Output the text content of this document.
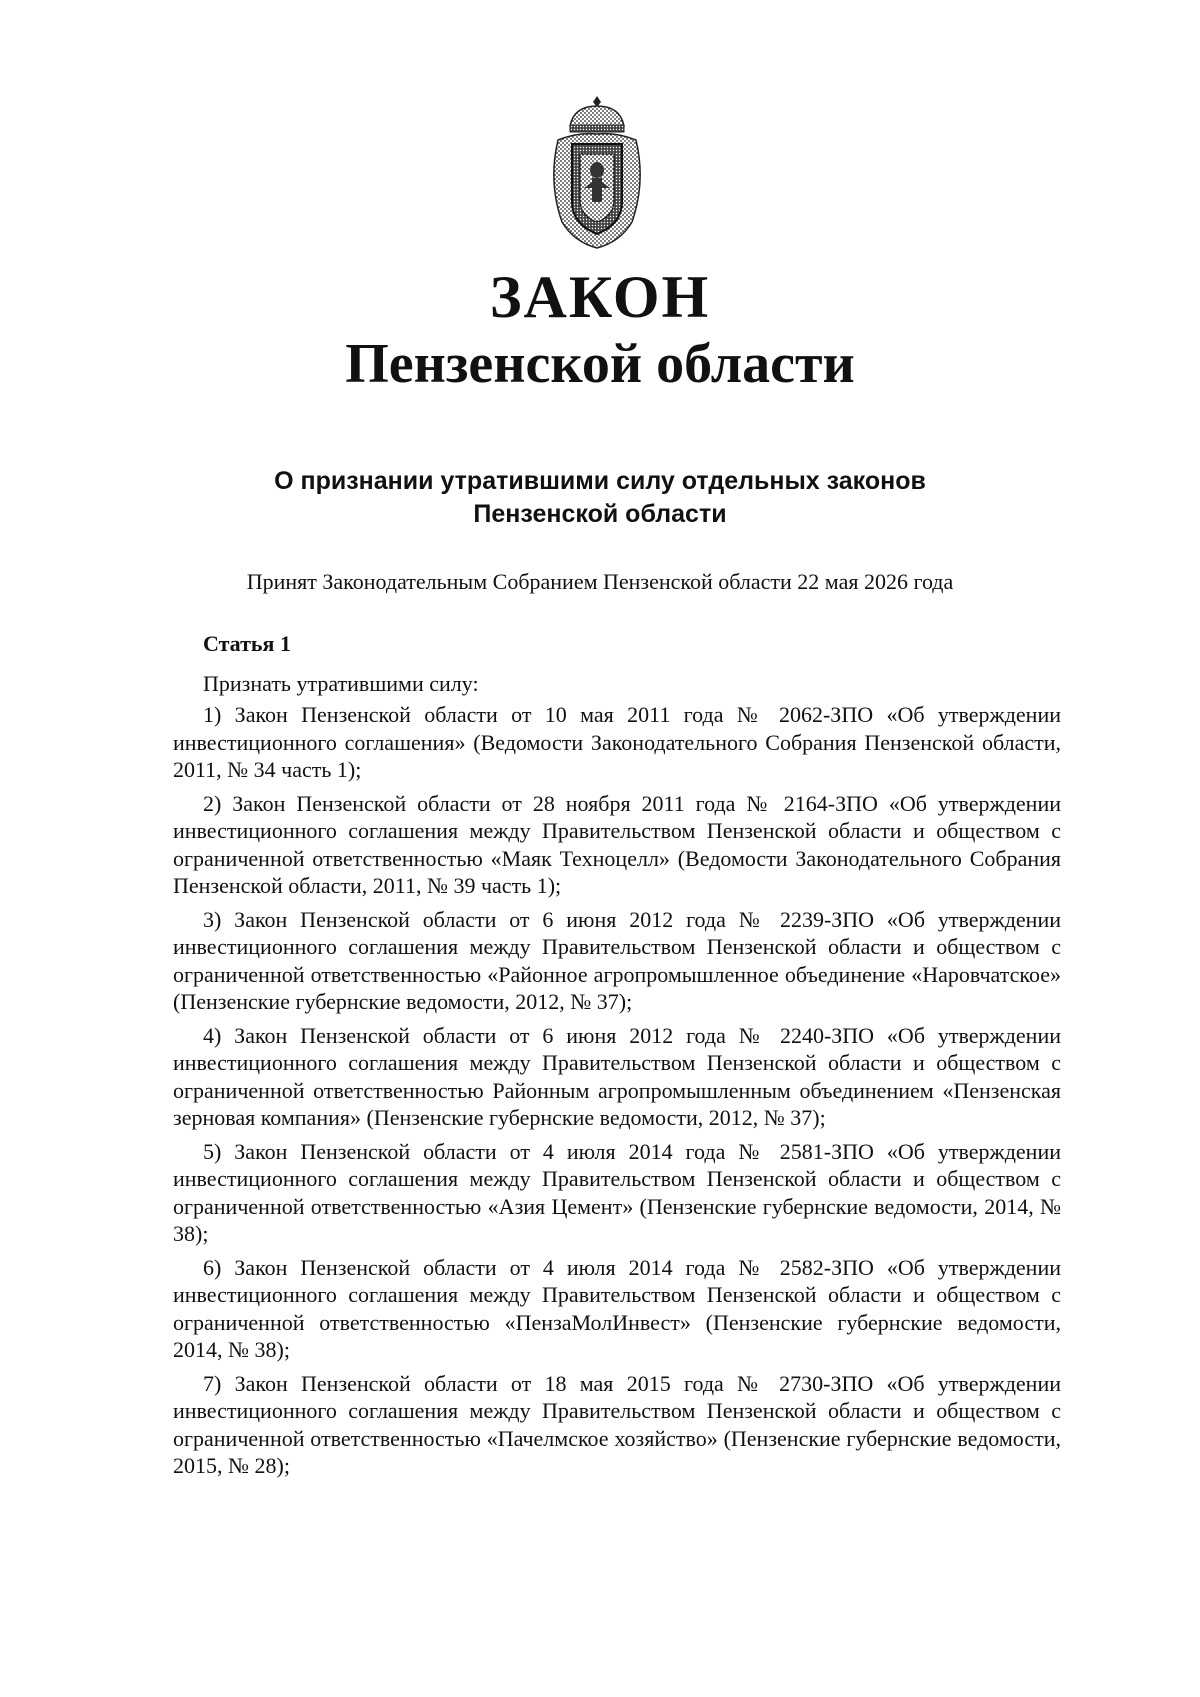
ЗАКОН
Пензенской области
О признании утратившими силу отдельных законов
Пензенской области
Принят Законодательным Собранием Пензенской области 22 мая 2026 года
Статья 1
Признать утратившими силу:

1) Закон Пензенской области от 10 мая 2011 года № 2062-ЗПО «Об утверждении инвестиционного соглашения» (Ведомости Законодательного Собрания Пензенской области, 2011, № 34 часть 1);

2) Закон Пензенской области от 28 ноября 2011 года № 2164-ЗПО «Об утверждении инвестиционного соглашения между Правительством Пензенской области и обществом с ограниченной ответственностью «Маяк Техноцелл» (Ведомости Законодательного Собрания Пензенской области, 2011, № 39 часть 1);

3) Закон Пензенской области от 6 июня 2012 года № 2239-ЗПО «Об утверждении инвестиционного соглашения между Правительством Пензенской области и обществом с ограниченной ответственностью «Районное агропромышленное объединение «Наровчатское» (Пензенские губернские ведомости, 2012, № 37);

4) Закон Пензенской области от 6 июня 2012 года № 2240-ЗПО «Об утверждении инвестиционного соглашения между Правительством Пензенской области и обществом с ограниченной ответственностью Районным агропромышленным объединением «Пензенская зерновая компания» (Пензенские губернские ведомости, 2012, № 37);

5) Закон Пензенской области от 4 июля 2014 года № 2581-ЗПО «Об утверждении инвестиционного соглашения между Правительством Пензенской области и обществом с ограниченной ответственностью «Азия Цемент» (Пензенские губернские ведомости, 2014, № 38);

6) Закон Пензенской области от 4 июля 2014 года № 2582-ЗПО «Об утверждении инвестиционного соглашения между Правительством Пензенской области и обществом с ограниченной ответственностью «ПензаМолИнвест» (Пензенские губернские ведомости, 2014, № 38);

7) Закон Пензенской области от 18 мая 2015 года № 2730-ЗПО «Об утверждении инвестиционного соглашения между Правительством Пензенской области и обществом с ограниченной ответственностью «Пачелмское хозяйство» (Пензенские губернские ведомости, 2015, № 28);
